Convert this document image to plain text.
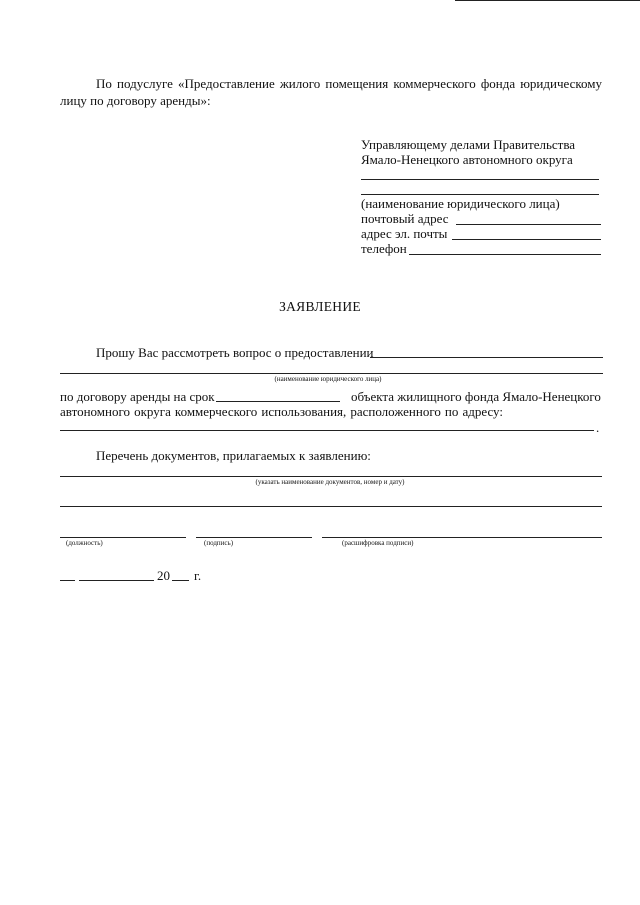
По подуслуге «Предоставление жилого помещения коммерческого фонда юридическому
лицу по договору аренды»:
Управляющему делами Правительства
Ямало-Ненецкого автономного округа
(наименование юридического лица)
почтовый адрес
адрес эл. почты
телефон
ЗАЯВЛЕНИЕ
Прошу Вас рассмотреть вопрос о предоставлении
(наименование юридического лица)
по договору аренды на срок	объекта жилищного фонда Ямало-Ненецкого
автономного округа коммерческого использования, расположенного по адресу:
.
Перечень документов, прилагаемых к заявлению:
(указать наименование документов, номер и дату)
(должность)	(подпись)	(расшифровка подписи)
20 г.
